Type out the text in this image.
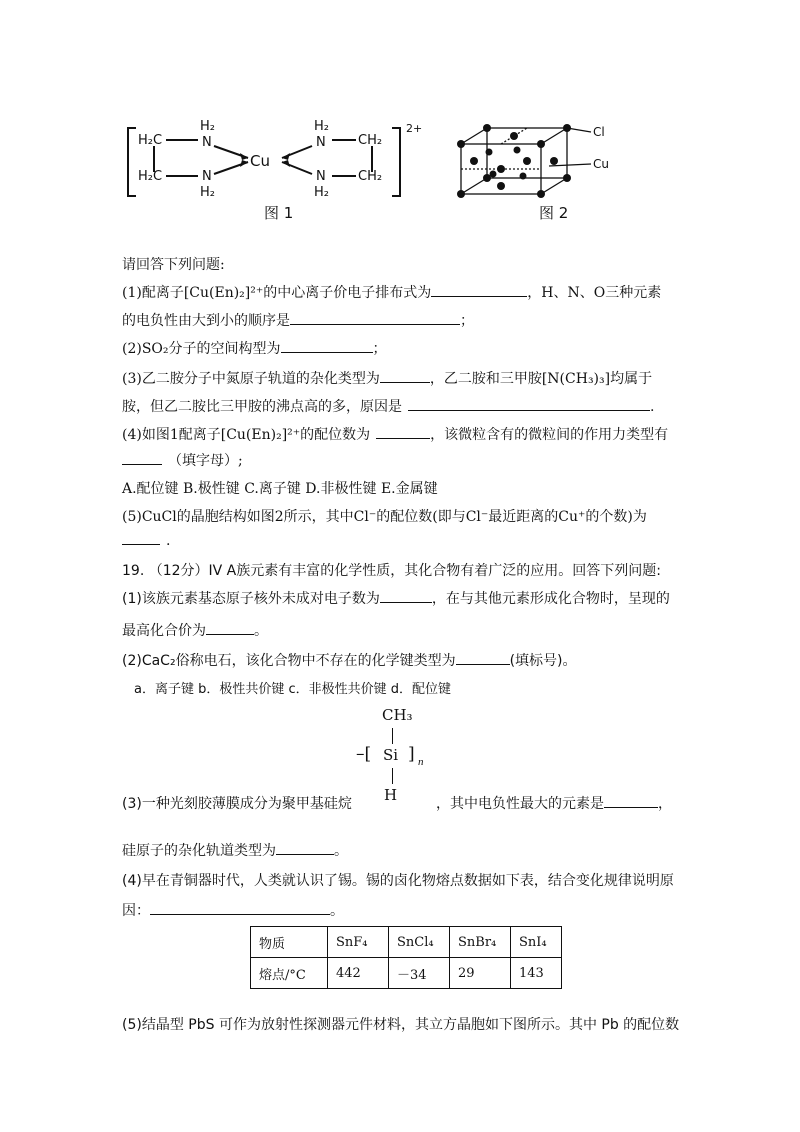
H₂C
H₂C
H₂
N
N
H₂
Cu
H₂
N
N
H₂
CH₂
CH₂
2+
图 1
Cl
Cu
图 2
请回答下列问题:
(1)配离子[Cu(En)₂]²⁺的中心离子价电子排布式为	，H、N、O三种元素
的电负性由大到小的顺序是	；
(2)SO₂分子的空间构型为	；
(3)乙二胺分子中氮原子轨道的杂化类型为	，乙二胺和三甲胺[N(CH₃)₃]均属于
胺，但乙二胺比三甲胺的沸点高的多，原因是	.
(4)如图1配离子[Cu(En)₂]²⁺的配位数为	，该微粒含有的微粒间的作用力类型有
（填字母）;
A.配位键 B.极性键 C.离子键 D.非极性键 E.金属键
(5)CuCl的晶胞结构如图2所示，其中Cl⁻的配位数(即与Cl⁻最近距离的Cu⁺的个数)为
.
19. （12分）IV A族元素有丰富的化学性质，其化合物有着广泛的应用。回答下列问题:
(1)该族元素基态原子核外未成对电子数为	，在与其他元素形成化合物时，呈现的
最高化合价为	。
(2)CaC₂俗称电石，该化合物中不存在的化学键类型为	(填标号)。
a．离子键 b．极性共价键 c．非极性共价键 d．配位键
CH₃
–[ Si ] n
H
(3)一种光刻胶薄膜成分为聚甲基硅烷	，其中电负性最大的元素是	，
硅原子的杂化轨道类型为	。
(4)早在青铜器时代，人类就认识了锡。锡的卤化物熔点数据如下表，结合变化规律说明原
因：	。
物质	SnF₄	SnCl₄	SnBr₄	SnI₄
熔点/°C	442	－34	29	143
(5)结晶型 PbS 可作为放射性探测器元件材料，其立方晶胞如下图所示。其中 Pb 的配位数
